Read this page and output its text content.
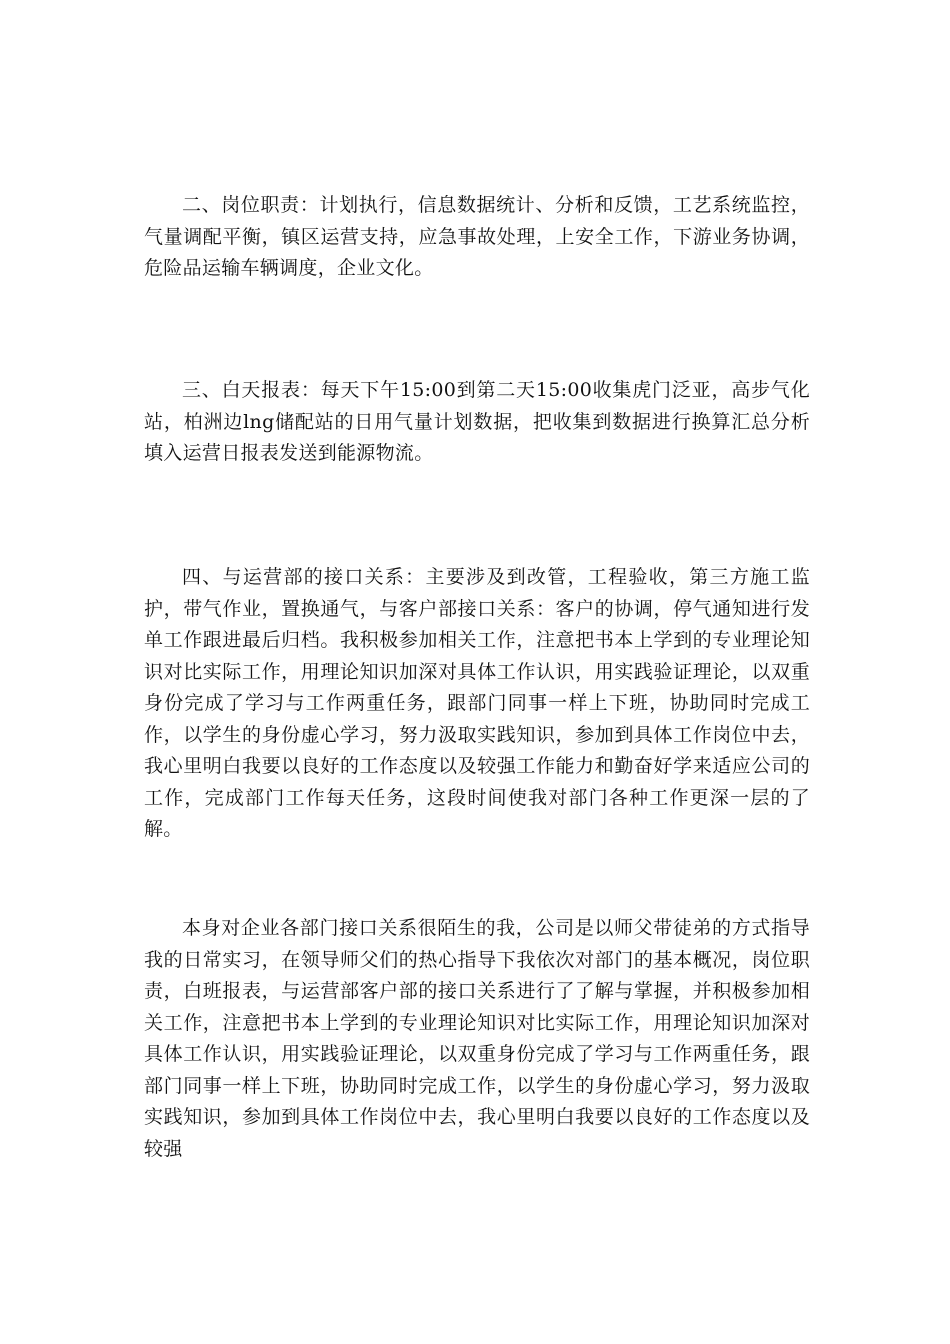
二、岗位职责：计划执行，信息数据统计、分析和反馈，工艺系统监控，气量调配平衡，镇区运营支持，应急事故处理，上安全工作，下游业务协调，危险品运输车辆调度，企业文化。

三、白天报表：每天下午15:00到第二天15:00收集虎门泛亚，高步气化站，柏洲边lng储配站的日用气量计划数据，把收集到数据进行换算汇总分析填入运营日报表发送到能源物流。

四、与运营部的接口关系：主要涉及到改管，工程验收，第三方施工监护，带气作业，置换通气，与客户部接口关系：客户的协调，停气通知进行发单工作跟进最后归档。我积极参加相关工作，注意把书本上学到的专业理论知识对比实际工作，用理论知识加深对具体工作认识，用实践验证理论，以双重身份完成了学习与工作两重任务，跟部门同事一样上下班，协助同时完成工作，以学生的身份虚心学习，努力汲取实践知识，参加到具体工作岗位中去，我心里明白我要以良好的工作态度以及较强工作能力和勤奋好学来适应公司的工作，完成部门工作每天任务，这段时间使我对部门各种工作更深一层的了解。

本身对企业各部门接口关系很陌生的我，公司是以师父带徒弟的方式指导我的日常实习，在领导师父们的热心指导下我依次对部门的基本概况，岗位职责，白班报表，与运营部客户部的接口关系进行了了解与掌握，并积极参加相关工作，注意把书本上学到的专业理论知识对比实际工作，用理论知识加深对具体工作认识，用实践验证理论，以双重身份完成了学习与工作两重任务，跟部门同事一样上下班，协助同时完成工作，以学生的身份虚心学习，努力汲取实践知识，参加到具体工作岗位中去，我心里明白我要以良好的工作态度以及较强
